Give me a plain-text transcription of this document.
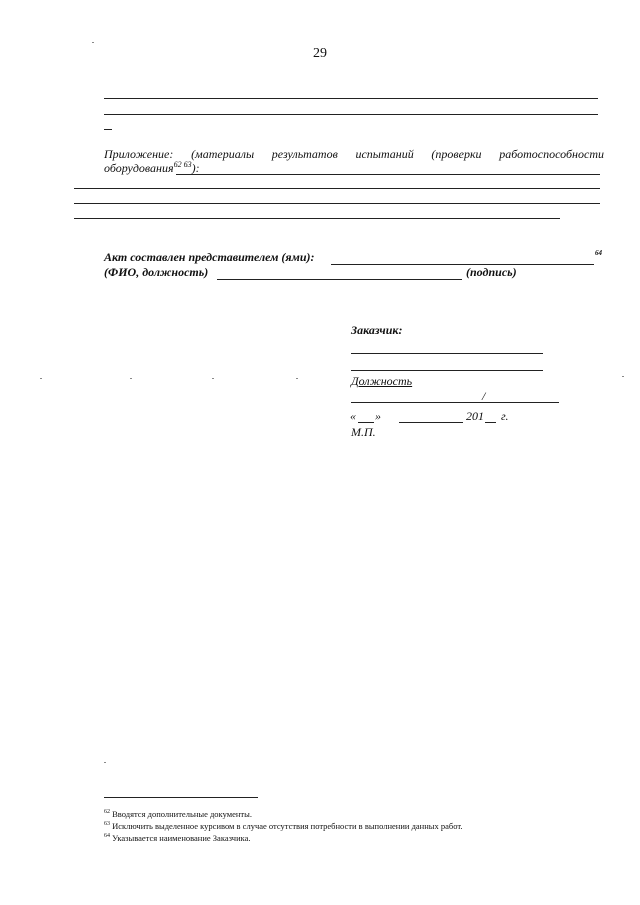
29
Приложение: (материалы результатов испытаний (проверки работоспособности
оборудования$^{62 63}$):
Акт составлен представителем (ями):	64
(ФИО, должность)	(подпись)
Заказчик:
Должность
/
« »	201 г.
М.П.
$^{62}$ Вводятся дополнительные документы.
$^{63}$ Исключить выделенное курсивом в случае отсутствия потребности в выполнении данных работ.
$^{64}$ Указывается наименование Заказчика.
